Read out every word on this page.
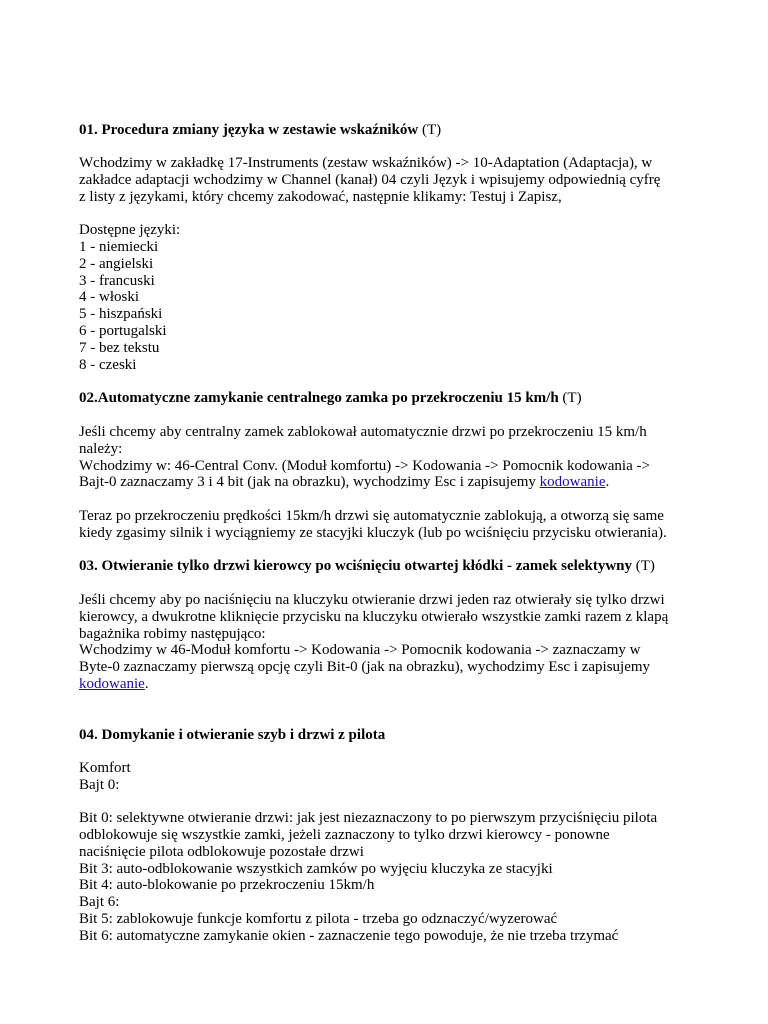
01. Procedura zmiany języka w zestawie wskaźników (T)
Wchodzimy w zakładkę 17-Instruments (zestaw wskaźników) -> 10-Adaptation (Adaptacja), w
zakładce adaptacji wchodzimy w Channel (kanał) 04 czyli Język i wpisujemy odpowiednią cyfrę
z listy z językami, który chcemy zakodować, następnie klikamy: Testuj i Zapisz,
Dostępne języki:
1 - niemiecki
2 - angielski
3 - francuski
4 - włoski
5 - hiszpański
6 - portugalski
7 - bez tekstu
8 - czeski
02.Automatyczne zamykanie centralnego zamka po przekroczeniu 15 km/h (T)
Jeśli chcemy aby centralny zamek zablokował automatycznie drzwi po przekroczeniu 15 km/h
należy:
Wchodzimy w: 46-Central Conv. (Moduł komfortu) -> Kodowania -> Pomocnik kodowania ->
Bajt-0 zaznaczamy 3 i 4 bit (jak na obrazku), wychodzimy Esc i zapisujemy kodowanie.
Teraz po przekroczeniu prędkości 15km/h drzwi się automatycznie zablokują, a otworzą się same
kiedy zgasimy silnik i wyciągniemy ze stacyjki kluczyk (lub po wciśnięciu przycisku otwierania).
03. Otwieranie tylko drzwi kierowcy po wciśnięciu otwartej kłódki - zamek selektywny (T)
Jeśli chcemy aby po naciśnięciu na kluczyku otwieranie drzwi jeden raz otwierały się tylko drzwi
kierowcy, a dwukrotne kliknięcie przycisku na kluczyku otwierało wszystkie zamki razem z klapą
bagażnika robimy następująco:
Wchodzimy w 46-Moduł komfortu -> Kodowania -> Pomocnik kodowania -> zaznaczamy w
Byte-0 zaznaczamy pierwszą opcję czyli Bit-0 (jak na obrazku), wychodzimy Esc i zapisujemy
kodowanie.
04. Domykanie i otwieranie szyb i drzwi z pilota
Komfort
Bajt 0:
Bit 0: selektywne otwieranie drzwi: jak jest niezaznaczony to po pierwszym przyciśnięciu pilota
odblokowuje się wszystkie zamki, jeżeli zaznaczony to tylko drzwi kierowcy - ponowne
naciśnięcie pilota odblokowuje pozostałe drzwi
Bit 3: auto-odblokowanie wszystkich zamków po wyjęciu kluczyka ze stacyjki
Bit 4: auto-blokowanie po przekroczeniu 15km/h
Bajt 6:
Bit 5: zablokowuje funkcje komfortu z pilota - trzeba go odznaczyć/wyzerować
Bit 6: automatyczne zamykanie okien - zaznaczenie tego powoduje, że nie trzeba trzymać
